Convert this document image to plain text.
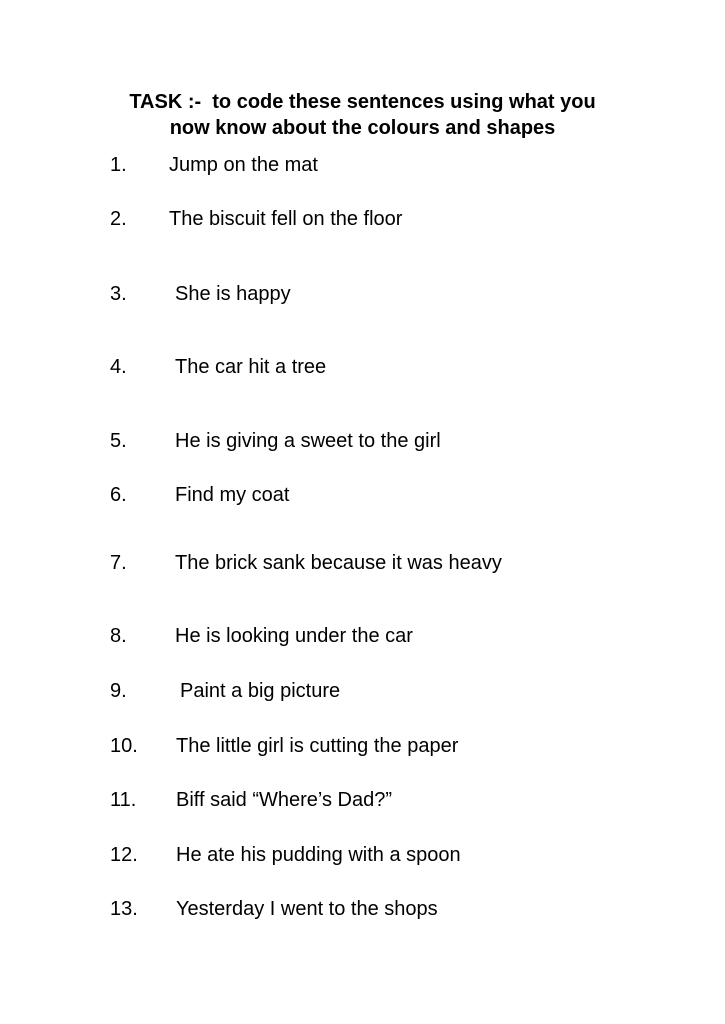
TASK :-  to code these sentences using what you
now know about the colours and shapes
1. Jump on the mat
2. The biscuit fell on the floor
3. She is happy
4. The car hit a tree
5. He is giving a sweet to the girl
6. Find my coat
7. The brick sank because it was heavy
8. He is looking under the car
9.	Paint a big picture
10. The little girl is cutting the paper
11. Biff said “Where’s Dad?”
12. He ate his pudding with a spoon
13. Yesterday I went to the shops
